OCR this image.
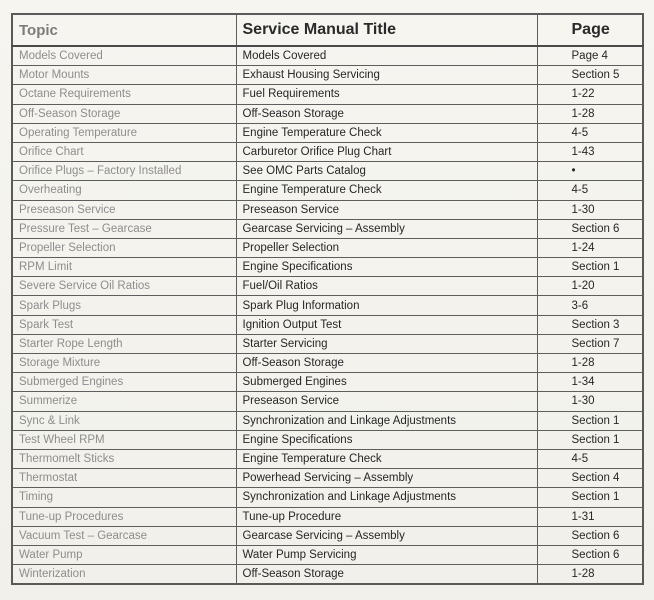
Topic	Service Manual Title	Page
Models Covered	Models Covered	Page 4
Motor Mounts	Exhaust Housing Servicing	Section 5
Octane Requirements	Fuel Requirements	1-22
Off-Season Storage	Off-Season Storage	1-28
Operating Temperature	Engine Temperature Check	4-5
Orifice Chart	Carburetor Orifice Plug Chart	1-43
Orifice Plugs – Factory Installed	See OMC Parts Catalog	•
Overheating	Engine Temperature Check	4-5
Preseason Service	Preseason Service	1-30
Pressure Test – Gearcase	Gearcase Servicing – Assembly	Section 6
Propeller Selection	Propeller Selection	1-24
RPM Limit	Engine Specifications	Section 1
Severe Service Oil Ratios	Fuel/Oil Ratios	1-20
Spark Plugs	Spark Plug Information	3-6
Spark Test	Ignition Output Test	Section 3
Starter Rope Length	Starter Servicing	Section 7
Storage Mixture	Off-Season Storage	1-28
Submerged Engines	Submerged Engines	1-34
Summerize	Preseason Service	1-30
Sync & Link	Synchronization and Linkage Adjustments	Section 1
Test Wheel RPM	Engine Specifications	Section 1
Thermomelt Sticks	Engine Temperature Check	4-5
Thermostat	Powerhead Servicing – Assembly	Section 4
Timing	Synchronization and Linkage Adjustments	Section 1
Tune-up Procedures	Tune-up Procedure	1-31
Vacuum Test – Gearcase	Gearcase Servicing – Assembly	Section 6
Water Pump	Water Pump Servicing	Section 6
Winterization	Off-Season Storage	1-28
